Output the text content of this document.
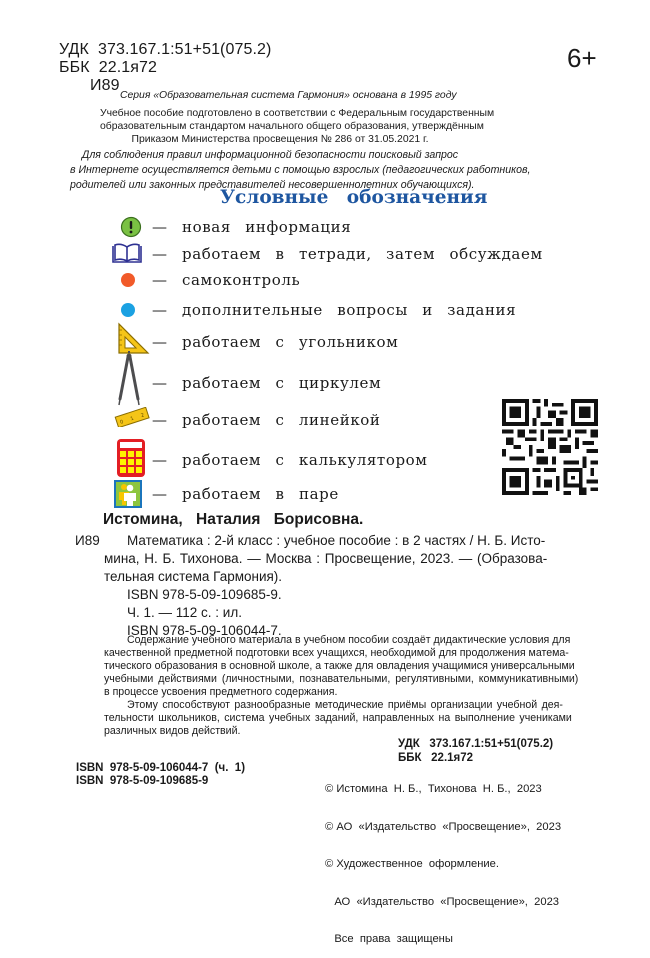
УДК 373.167.1:51+51(075.2)
ББК 22.1я72
И89
6+
Серия «Образовательная система Гармония» основана в 1995 году
Учебное пособие подготовлено в соответствии с Федеральным государственным
образовательным стандартом начального общего образования, утверждённым
Приказом Министерства просвещения № 286 от 31.05.2021 г.
Для соблюдения правил информационной безопасности поисковый запрос
в Интернете осуществляется детьми с помощью взрослых (педагогических работников,
родителей или законных представителей несовершеннолетних обучающихся).
Условные обозначения
— новая информация
— работаем в тетради, затем обсуждаем
— самоконтроль
— дополнительные вопросы и задания
— работаем с угольником
— работаем с циркулем
0
1
2 — работаем с линейкой
— работаем с калькулятором
— работаем в паре
Истомина, Наталия Борисовна.
И89 Математика : 2-й класс : учебное пособие : в 2 частях / Н. Б. Исто-
мина, Н. Б. Тихонова. — Москва : Просвещение, 2023. — (Образова-
тельная система Гармония).
ISBN 978-5-09-109685-9.
Ч. 1. — 112 с. : ил.
ISBN 978-5-09-106044-7.
Содержание учебного материала в учебном пособии создаёт дидактические условия для
качественной предметной подготовки всех учащихся, необходимой для продолжения матема-
тического образования в основной школе, а также для овладения учащимися универсальными
учебными действиями (личностными, познавательными, регулятивными, коммуникативными)
в процессе усвоения предметного содержания.
Этому способствуют разнообразные методические приёмы организации учебной дея-
тельности школьников, система учебных заданий, направленных на выполнение учениками
различных видов действий.
УДК 373.167.1:51+51(075.2)
ББК 22.1я72
ISBN  978-5-09-106044-7  (ч.  1)
ISBN  978-5-09-109685-9

© Истомина  Н. Б.,  Тихонова  Н. Б.,  2023

© АО  «Издательство  «Просвещение»,  2023

© Художественное  оформление.

АО  «Издательство  «Просвещение»,  2023

Все  права  защищены
